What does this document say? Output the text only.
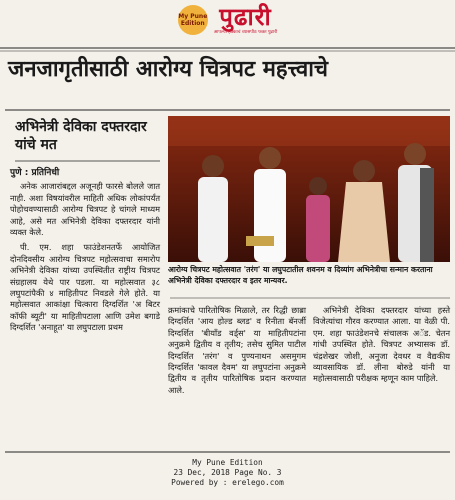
My Pune Edition पुढारी
आपल्या हक्काचं व्यासपीठ फक्त पुढारी
जनजागृतीसाठी आरोग्य चित्रपट महत्त्वाचे
अभिनेत्री देविका दफ्तरदार यांचे मत
आरोग्य चित्रपट महोत्सवात 'तरंग' या लघुपटातील शवनम व दिव्यांग अभिनेत्रीचा सन्मान करताना अभिनेत्री देविका दफ्तरदार व इतर मान्यवर.
पुणे : प्रतिनिधी

अनेक आजारांबद्दल अजूनही फारसे बोलले जात नाही. अशा विषयांवरील माहिती अधिक लोकांपर्यंत पोहोचवण्यासाठी आरोग्य चित्रपट हे चांगले माध्यम आहे, असे मत अभिनेत्री देविका दफ्तरदार यांनी व्यक्त केले.

पी. एम. शहा फाउंडेशनतर्फे आयोजित दोनदिवसीय आरोग्य चित्रपट महोत्सवाचा समारोप अभिनेत्री देविका यांच्या उपस्थितीत राष्ट्रीय चित्रपट संग्रहालय येथे पार पडला. या महोत्सवात ३८ लघुपटांपैकी ४ माहितीपट निवडले गेले होते. या महोत्सवात आकांक्षा चित्कारा दिग्दर्शित 'अ बिटर कॉफी ब्यूटी' या माहितीपटाला आणि उमेश बगाडे दिग्दर्शित 'अनाहूत' या लघुपटाला प्रथम

क्रमांकाचे पारितोषिक मिळाले, तर रिद्धी छाब्रा दिग्दर्शित 'आय होल्ड ब्लड' व रिनीता बॅनर्जी दिग्दर्शित 'बीयाँड वर्ड्स' या माहितीपटांना अनुक्रमे द्वितीय व तृतीय; तसेच सुमित पाटील दिग्दर्शित 'तरंग' व पुण्यनाथन असमुगम दिग्दर्शित 'कावल दैवम' या लघुपटांना अनुक्रमे द्वितीय व तृतीय पारितोषिक प्रदान करण्यात आले.

अभिनेत्री देविका दफ्तरदार यांच्या हस्ते विजेत्यांचा गौरव करण्यात आला. या वेळी पी. एम. शहा फाउंडेशनचे संचालक अॅड. चेतन गांधी उपस्थित होते. चित्रपट अभ्यासक डॉ. चंद्रशेखर जोशी, अनुजा देवधर व वैद्यकीय व्यावसायिक डॉ. लीना बोरुडे यांनी या महोत्सवासाठी परीक्षक म्हणून काम पाहिले.

My Pune Edition
23 Dec, 2018 Page No. 3
Powered by : erelego.com
